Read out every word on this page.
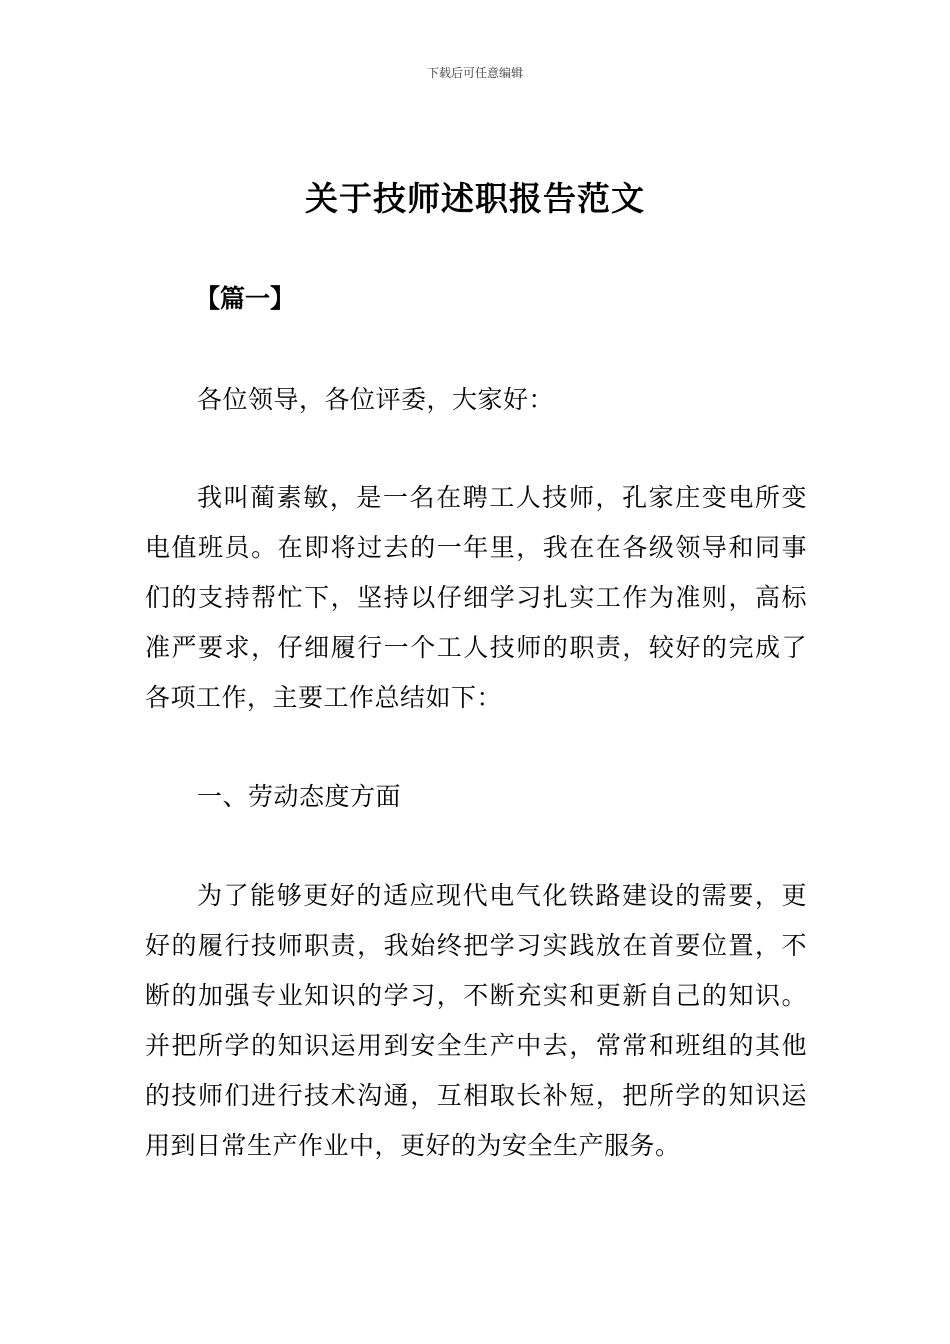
下载后可任意编辑
关于技师述职报告范文
【篇一】

各位领导，各位评委，大家好：

我叫蔺素敏，是一名在聘工人技师，孔家庄变电所变电值班员。在即将过去的一年里，我在在各级领导和同事们的支持帮忙下，坚持以仔细学习扎实工作为准则，高标准严要求，仔细履行一个工人技师的职责，较好的完成了各项工作，主要工作总结如下：

一、劳动态度方面

为了能够更好的适应现代电气化铁路建设的需要，更好的履行技师职责，我始终把学习实践放在首要位置，不断的加强专业知识的学习，不断充实和更新自己的知识。并把所学的知识运用到安全生产中去，常常和班组的其他的技师们进行技术沟通，互相取长补短，把所学的知识运用到日常生产作业中，更好的为安全生产服务。
